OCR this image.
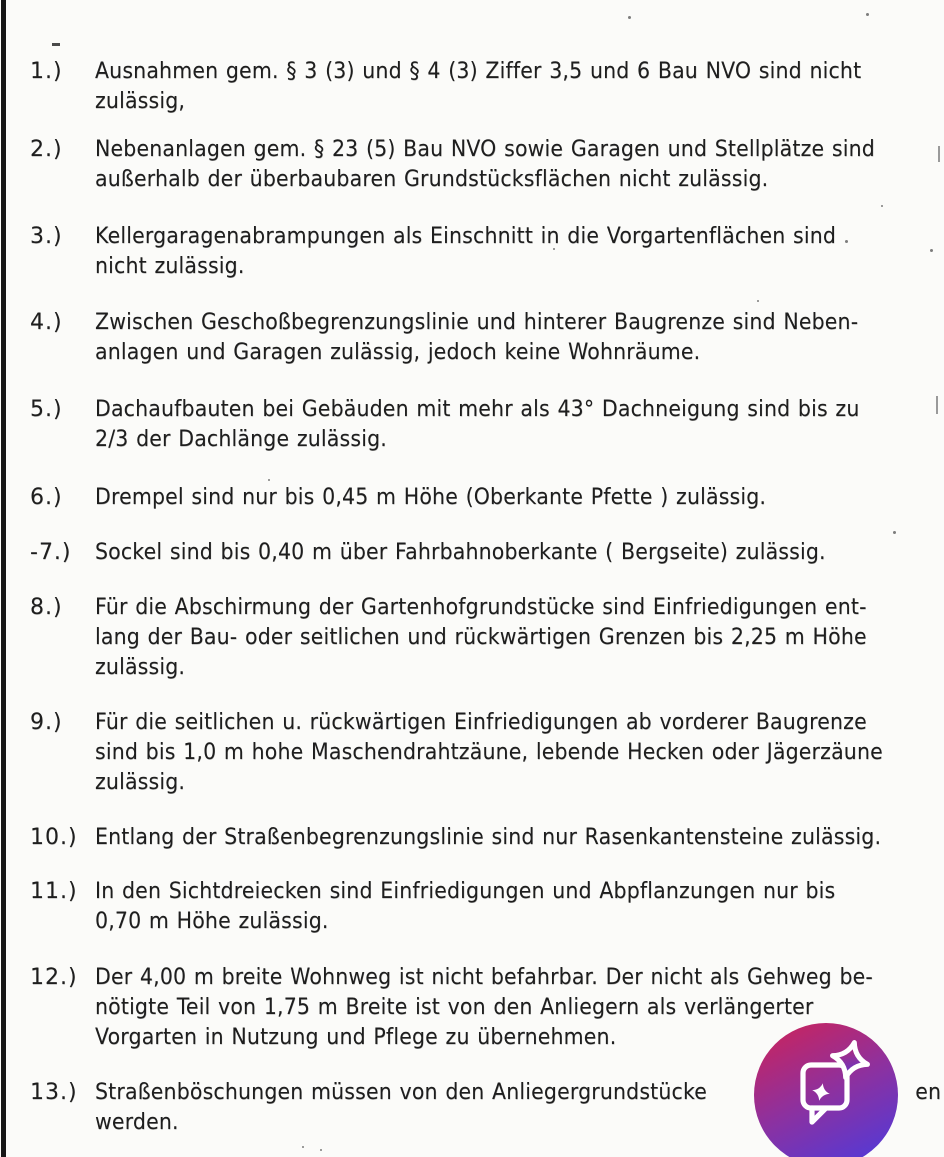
1.)	Ausnahmen gem. § 3 (3) und § 4 (3) Ziffer 3,5 und 6 Bau NVO sind nicht
zulässig,
2.)	Nebenanlagen gem. § 23 (5) Bau NVO sowie Garagen und Stellplätze sind
außerhalb der überbaubaren Grundstücksflächen nicht zulässig.
3.)	Kellergaragenabrampungen als Einschnitt in die Vorgartenflächen sind
nicht zulässig.
4.)	Zwischen Geschoßbegrenzungslinie und hinterer Baugrenze sind Neben-
anlagen und Garagen zulässig, jedoch keine Wohnräume.
5.)	Dachaufbauten bei Gebäuden mit mehr als 43° Dachneigung sind bis zu
2/3 der Dachlänge zulässig.
6.)	Drempel sind nur bis 0,45 m Höhe (Oberkante Pfette ) zulässig.
-7.)	Sockel sind bis 0,40 m über Fahrbahnoberkante ( Bergseite) zulässig.
8.)	Für die Abschirmung der Gartenhofgrundstücke sind Einfriedigungen ent-
lang der Bau- oder seitlichen und rückwärtigen Grenzen bis 2,25 m Höhe
zulässig.
9.)	Für die seitlichen u. rückwärtigen Einfriedigungen ab vorderer Baugrenze
sind bis 1,0 m hohe Maschendrahtzäune, lebende Hecken oder Jägerzäune
zulässig.
10.) Entlang der Straßenbegrenzungslinie sind nur Rasenkantensteine zulässig.
11.) In den Sichtdreiecken sind Einfriedigungen und Abpflanzungen nur bis
0,70 m Höhe zulässig.
12.) Der 4,00 m breite Wohnweg ist nicht befahrbar. Der nicht als Gehweg be-
nötigte Teil von 1,75 m Breite ist von den Anliegern als verlängerter
Vorgarten in Nutzung und Pflege zu übernehmen.
13.) Straßenböschungen müssen von den Anliegergrundstücke	en
werden.
